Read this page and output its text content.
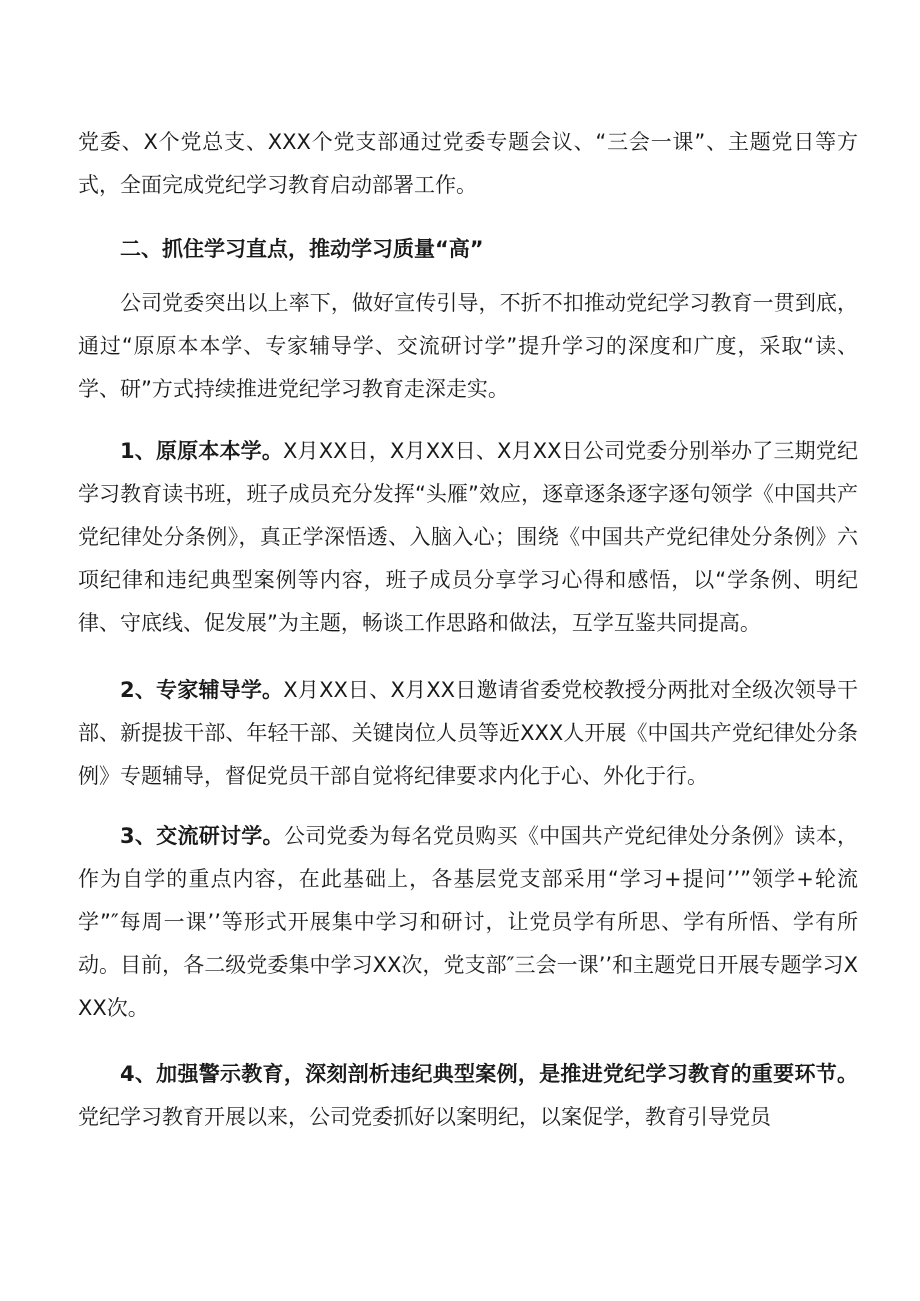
党委、X个党总支、XXX个党支部通过党委专题会议、“三会一课”、主题党日等方式，全面完成党纪学习教育启动部署工作。

二、抓住学习直点，推动学习质量“高”

公司党委突出以上率下，做好宣传引导，不折不扣推动党纪学习教育一贯到底，通过“原原本本学、专家辅导学、交流研讨学”提升学习的深度和广度，采取“读、学、研”方式持续推进党纪学习教育走深走实。

1、原原本本学。X月XX日，X月XX日、X月XX日公司党委分别举办了三期党纪学习教育读书班，班子成员充分发挥“头雁”效应，逐章逐条逐字逐句领学《中国共产党纪律处分条例》，真正学深悟透、入脑入心；围绕《中国共产党纪律处分条例》六项纪律和违纪典型案例等内容，班子成员分享学习心得和感悟，以“学条例、明纪律、守底线、促发展”为主题，畅谈工作思路和做法，互学互鉴共同提高。

2、专家辅导学。X月XX日、X月XX日邀请省委党校教授分两批对全级次领导干部、新提拔干部、年轻干部、关键岗位人员等近XXX人开展《中国共产党纪律处分条例》专题辅导，督促党员干部自觉将纪律要求内化于心、外化于行。

3、交流研讨学。公司党委为每名党员购买《中国共产党纪律处分条例》读本，作为自学的重点内容，在此基础上，各基层党支部采用“学习+提问’’”领学+轮流学”″每周一课’’等形式开展集中学习和研讨，让党员学有所思、学有所悟、学有所动。目前，各二级党委集中学习XX次，党支部″三会一课’’和主题党日开展专题学习XXX次。

4、加强警示教育，深刻剖析违纪典型案例，是推进党纪学习教育的重要环节。党纪学习教育开展以来，公司党委抓好以案明纪，以案促学，教育引导党员
